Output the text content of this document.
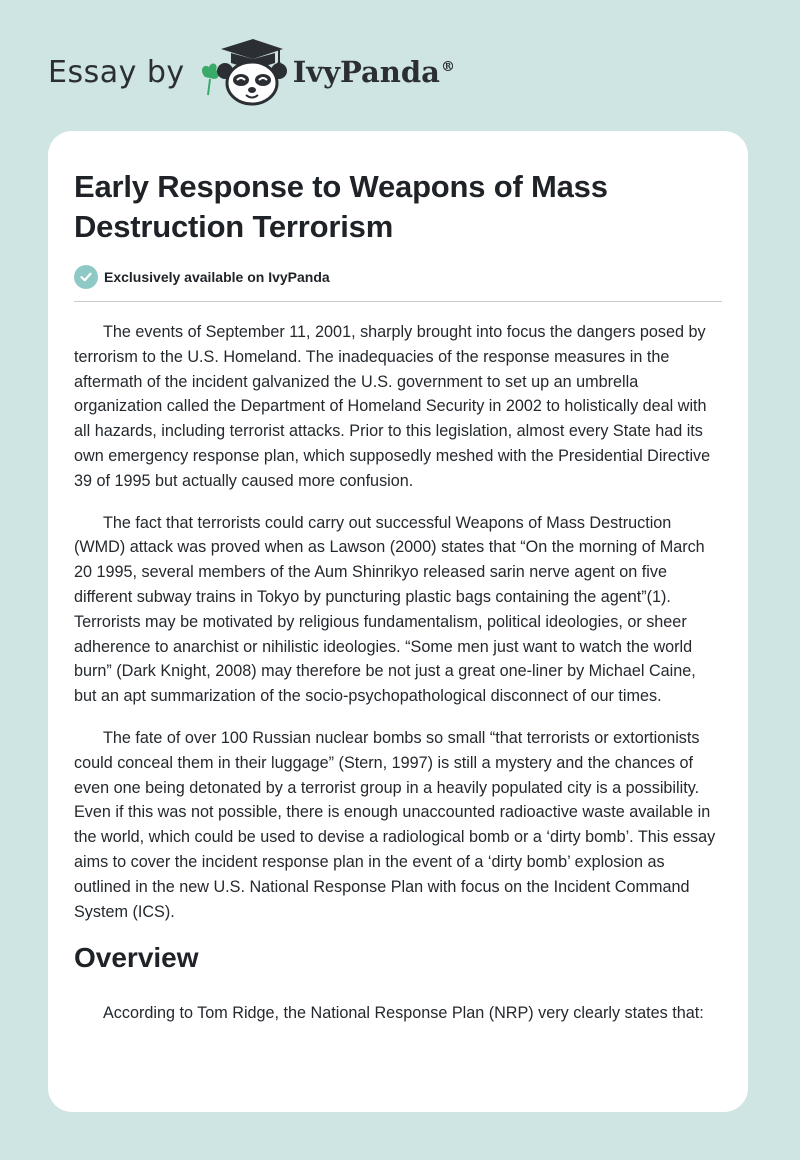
Essay by	IvyPanda®
Early Response to Weapons of Mass Destruction Terrorism
Exclusively available on IvyPanda

The events of September 11, 2001, sharply brought into focus the dangers posed by terrorism to the U.S. Homeland. The inadequacies of the response measures in the aftermath of the incident galvanized the U.S. government to set up an umbrella organization called the Department of Homeland Security in 2002 to holistically deal with all hazards, including terrorist attacks. Prior to this legislation, almost every State had its own emergency response plan, which supposedly meshed with the Presidential Directive 39 of 1995 but actually caused more confusion.

The fact that terrorists could carry out successful Weapons of Mass Destruction (WMD) attack was proved when as Lawson (2000) states that “On the morning of March 20 1995, several members of the Aum Shinrikyo released sarin nerve agent on five different subway trains in Tokyo by puncturing plastic bags containing the agent”(1). Terrorists may be motivated by religious fundamentalism, political ideologies, or sheer adherence to anarchist or nihilistic ideologies. “Some men just want to watch the world burn” (Dark Knight, 2008) may therefore be not just a great one-liner by Michael Caine, but an apt summarization of the socio-psychopathological disconnect of our times.

The fate of over 100 Russian nuclear bombs so small “that terrorists or extortionists could conceal them in their luggage” (Stern, 1997) is still a mystery and the chances of even one being detonated by a terrorist group in a heavily populated city is a possibility. Even if this was not possible, there is enough unaccounted radioactive waste available in the world, which could be used to devise a radiological bomb or a ‘dirty bomb’. This essay aims to cover the incident response plan in the event of a ‘dirty bomb’ explosion as outlined in the new U.S. National Response Plan with focus on the Incident Command System (ICS).

Overview

According to Tom Ridge, the National Response Plan (NRP) very clearly states that:
